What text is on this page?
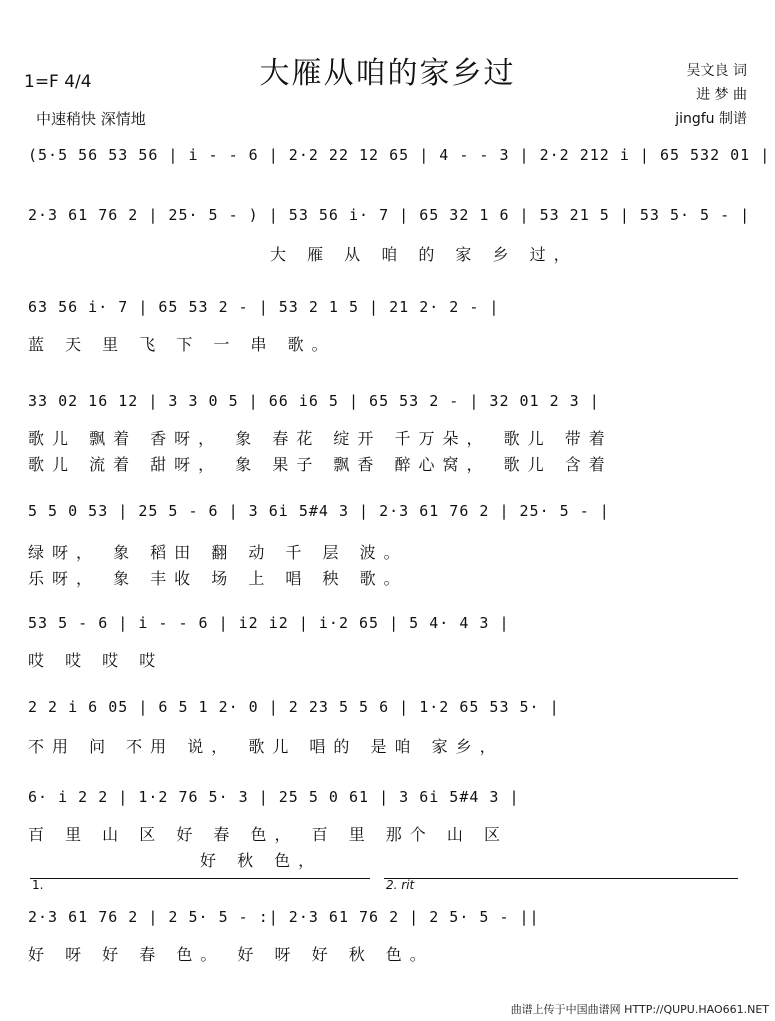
大雁从咱的家乡过
1=F 4/4
中速稍快 深情地
吴文良 词
进 梦 曲
jingfu 制谱
(5·5 56 53 56 | i - - 6 | 2·2 22 12 65 | 4 - - 3 | 2·2 212 i | 65 532 01 |
2·3 61 76 2 | 25· 5 - ) | 53 56 i· 7 | 65 32 1 6 | 53 21 5 | 53 5· 5 - |
大 雁 从 咱 的 家 乡 过，
63 56 i· 7 | 65 53 2 - | 53 2 1 5 | 21 2· 2 - |
蓝 天 里 飞 下 一 串 歌。
33 02 16 12 | 3 3 0 5 | 66 i6 5 | 65 53 2 - | 32 01 2 3 |
歌儿 飘着 香呀， 象 春花 绽开 千万朵， 歌儿 带着
歌儿 流着 甜呀， 象 果子 飘香 醉心窝， 歌儿 含着
5 5 0 53 | 25 5 - 6 | 3 6i 5#4 3 | 2·3 61 76 2 | 25· 5 - |
绿呀， 象 稻田 翻 动 千 层 波。
乐呀， 象 丰收 场 上 唱 秧 歌。
53 5 - 6 | i - - 6 | i2 i2 | i·2 65 | 5 4· 4 3 |
哎 哎 哎 哎
2 2 i 6 05 | 6 5 1 2· 0 | 2 23 5 5 6 | 1·2 65 53 5· |
不用 问 不用 说， 歌儿 唱的 是咱 家乡，
6· i 2 2 | 1·2 76 5· 3 | 25 5 0 61 | 3 6i 5#4 3 |
百 里 山 区 好 春 色， 百 里 那个 山 区
好 秋 色，
1.	2. rit
2·3 61 76 2 | 2 5· 5 - :| 2·3 61 76 2 | 2 5· 5 - ||
好 呀 好 春 色。 好 呀 好 秋 色。
曲谱上传于中国曲谱网 HTTP://QUPU.HAO661.NET
